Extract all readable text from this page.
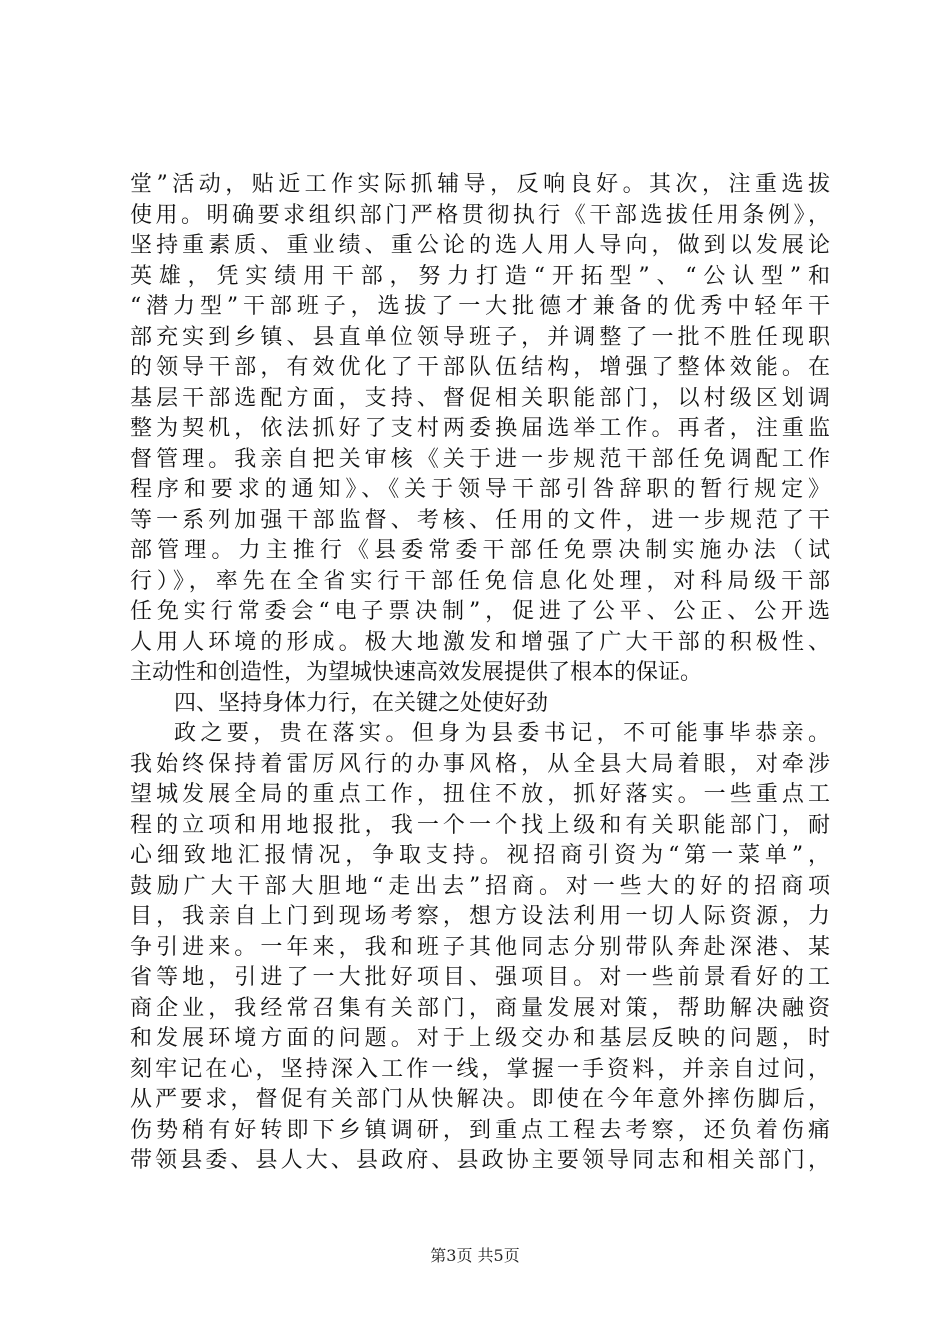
堂”活动，贴近工作实际抓辅导，反响良好。其次，注重选拔
使用。明确要求组织部门严格贯彻执行《干部选拔任用条例》，
坚持重素质、重业绩、重公论的选人用人导向，做到以发展论
英雄，凭实绩用干部，努力打造“开拓型”、“公认型”和
“潜力型”干部班子，选拔了一大批德才兼备的优秀中轻年干
部充实到乡镇、县直单位领导班子，并调整了一批不胜任现职
的领导干部，有效优化了干部队伍结构，增强了整体效能。在
基层干部选配方面，支持、督促相关职能部门，以村级区划调
整为契机，依法抓好了支村两委换届选举工作。再者，注重监
督管理。我亲自把关审核《关于进一步规范干部任免调配工作
程序和要求的通知》、《关于领导干部引咎辞职的暂行规定》
等一系列加强干部监督、考核、任用的文件，进一步规范了干
部管理。力主推行《县委常委干部任免票决制实施办法（试
行）》，率先在全省实行干部任免信息化处理，对科局级干部
任免实行常委会“电子票决制”，促进了公平、公正、公开选
人用人环境的形成。极大地激发和增强了广大干部的积极性、
主动性和创造性，为望城快速高效发展提供了根本的保证。
四、坚持身体力行，在关键之处使好劲
政之要，贵在落实。但身为县委书记，不可能事毕恭亲。
我始终保持着雷厉风行的办事风格，从全县大局着眼，对牵涉
望城发展全局的重点工作，扭住不放，抓好落实。一些重点工
程的立项和用地报批，我一个一个找上级和有关职能部门，耐
心细致地汇报情况，争取支持。视招商引资为“第一菜单”，
鼓励广大干部大胆地“走出去”招商。对一些大的好的招商项
目，我亲自上门到现场考察，想方设法利用一切人际资源，力
争引进来。一年来，我和班子其他同志分别带队奔赴深港、某
省等地，引进了一大批好项目、强项目。对一些前景看好的工
商企业，我经常召集有关部门，商量发展对策，帮助解决融资
和发展环境方面的问题。对于上级交办和基层反映的问题，时
刻牢记在心，坚持深入工作一线，掌握一手资料，并亲自过问，
从严要求，督促有关部门从快解决。即使在今年意外摔伤脚后，
伤势稍有好转即下乡镇调研，到重点工程去考察，还负着伤痛
带领县委、县人大、县政府、县政协主要领导同志和相关部门，
第3页 共5页
